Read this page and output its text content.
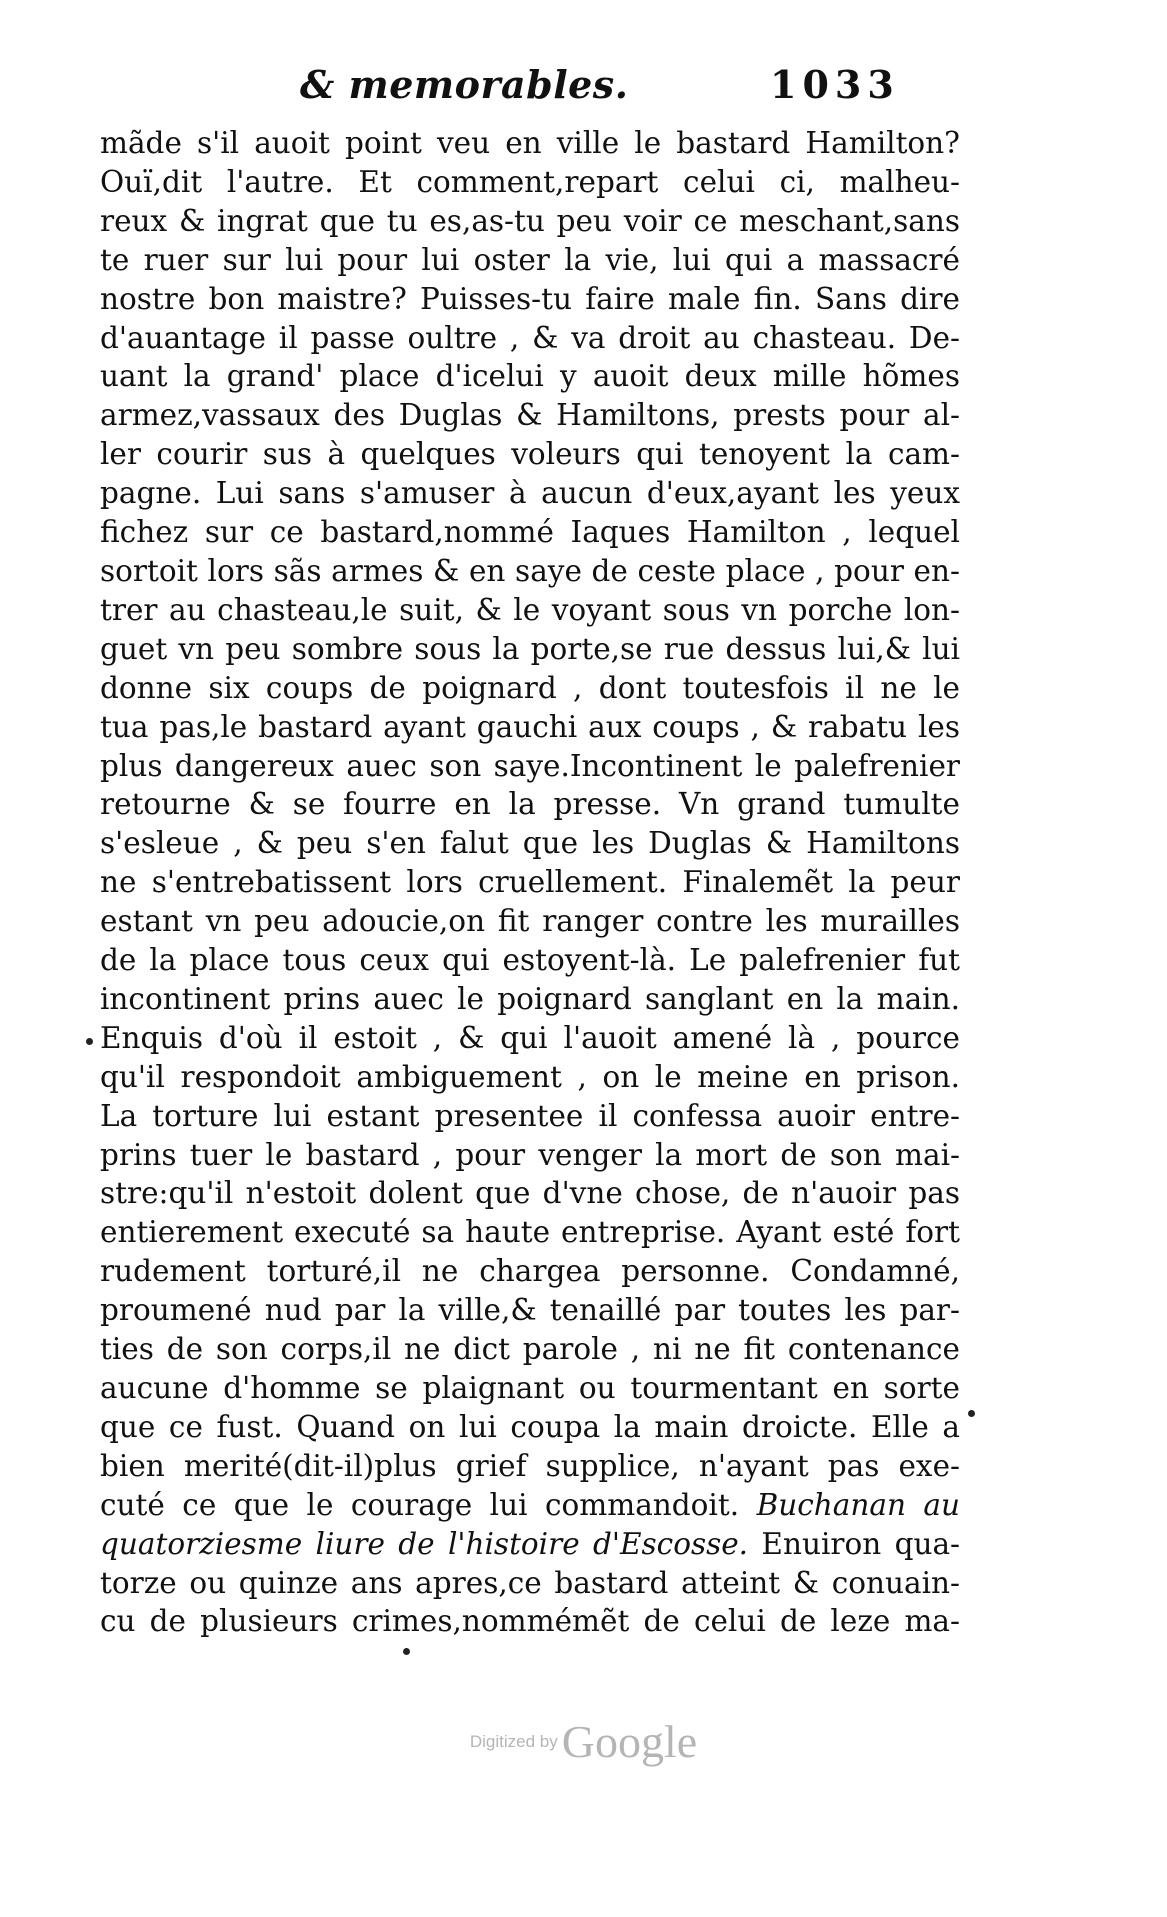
& memorables.	1033
mãde s'il auoit point veu en ville le bastard Hamilton?
Ouï,dit l'autre. Et comment,repart celui ci, malheu-
reux & ingrat que tu es,as-tu peu voir ce meschant,sans
te ruer sur lui pour lui oster la vie, lui qui a massacré
nostre bon maistre? Puisses-tu faire male fin. Sans dire
d'auantage il passe oultre , & va droit au chasteau. De-
uant la grand' place d'icelui y auoit deux mille hõmes
armez,vassaux des Duglas & Hamiltons, prests pour al-
ler courir sus à quelques voleurs qui tenoyent la cam-
pagne. Lui sans s'amuser à aucun d'eux,ayant les yeux
fichez sur ce bastard,nommé Iaques Hamilton , lequel
sortoit lors sãs armes & en saye de ceste place , pour en-
trer au chasteau,le suit, & le voyant sous vn porche lon-
guet vn peu sombre sous la porte,se rue dessus lui,& lui
donne six coups de poignard , dont toutesfois il ne le
tua pas,le bastard ayant gauchi aux coups , & rabatu les
plus dangereux auec son saye.Incontinent le palefrenier
retourne & se fourre en la presse. Vn grand tumulte
s'esleue , & peu s'en falut que les Duglas & Hamiltons
ne s'entrebatissent lors cruellement. Finalemẽt la peur
estant vn peu adoucie,on fit ranger contre les murailles
de la place tous ceux qui estoyent-là. Le palefrenier fut
incontinent prins auec le poignard sanglant en la main.
Enquis d'où il estoit , & qui l'auoit amené là , pource
qu'il respondoit ambiguement , on le meine en prison.
La torture lui estant presentee il confessa auoir entre-
prins tuer le bastard , pour venger la mort de son mai-
stre:qu'il n'estoit dolent que d'vne chose, de n'auoir pas
entierement executé sa haute entreprise. Ayant esté fort
rudement torturé,il ne chargea personne. Condamné,
proumené nud par la ville,& tenaillé par toutes les par-
ties de son corps,il ne dict parole , ni ne fit contenance
aucune d'homme se plaignant ou tourmentant en sorte
que ce fust. Quand on lui coupa la main droicte. Elle a
bien merité(dit-il)plus grief supplice, n'ayant pas exe-
cuté ce que le courage lui commandoit. Buchanan au
quatorziesme liure de l'histoire d'Escosse. Enuiron qua-
torze ou quinze ans apres,ce bastard atteint & conuain-
cu de plusieurs crimes,nommémẽt de celui de leze ma-
Digitized byGoogle
